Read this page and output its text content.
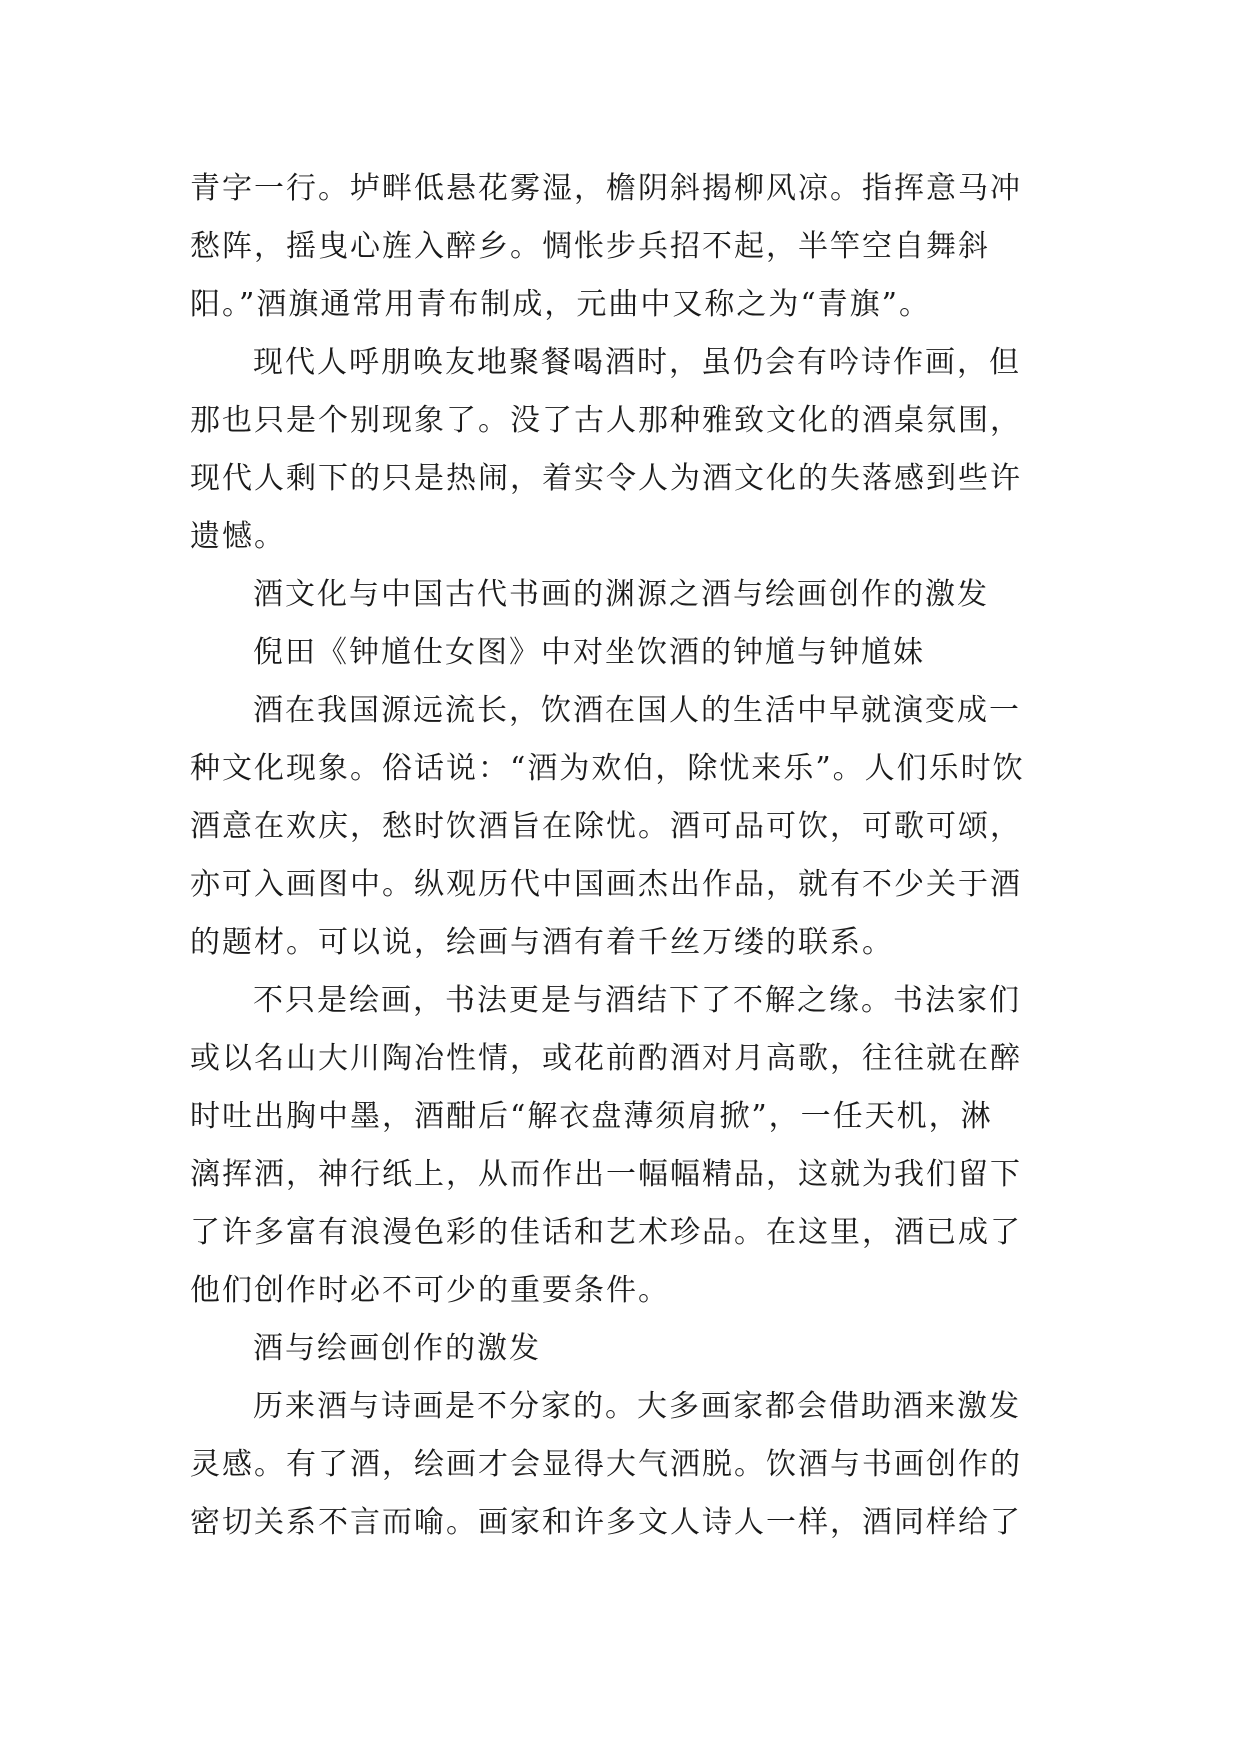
青字一行。垆畔低悬花雾湿，檐阴斜揭柳风凉。指挥意马冲
愁阵，摇曳心旌入醉乡。惆怅步兵招不起，半竿空自舞斜
阳。”酒旗通常用青布制成，元曲中又称之为“青旗”。
现代人呼朋唤友地聚餐喝酒时，虽仍会有吟诗作画，但
那也只是个别现象了。没了古人那种雅致文化的酒桌氛围，
现代人剩下的只是热闹，着实令人为酒文化的失落感到些许
遗憾。
酒文化与中国古代书画的渊源之酒与绘画创作的激发
倪田《钟馗仕女图》中对坐饮酒的钟馗与钟馗妹
酒在我国源远流长，饮酒在国人的生活中早就演变成一
种文化现象。俗话说：“酒为欢伯，除忧来乐”。人们乐时饮
酒意在欢庆，愁时饮酒旨在除忧。酒可品可饮，可歌可颂，
亦可入画图中。纵观历代中国画杰出作品，就有不少关于酒
的题材。可以说，绘画与酒有着千丝万缕的联系。
不只是绘画，书法更是与酒结下了不解之缘。书法家们
或以名山大川陶冶性情，或花前酌酒对月高歌，往往就在醉
时吐出胸中墨，酒酣后“解衣盘薄须肩掀”，一任天机，淋
漓挥洒，神行纸上，从而作出一幅幅精品，这就为我们留下
了许多富有浪漫色彩的佳话和艺术珍品。在这里，酒已成了
他们创作时必不可少的重要条件。
酒与绘画创作的激发
历来酒与诗画是不分家的。大多画家都会借助酒来激发
灵感。有了酒，绘画才会显得大气洒脱。饮酒与书画创作的
密切关系不言而喻。画家和许多文人诗人一样，酒同样给了
